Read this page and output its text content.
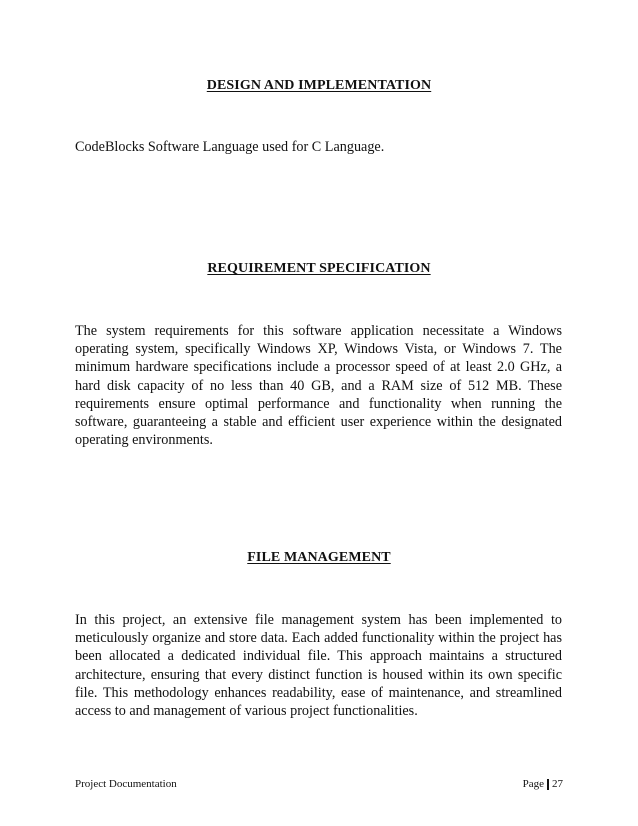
DESIGN AND IMPLEMENTATION
CodeBlocks Software Language used for C Language.
REQUIREMENT SPECIFICATION
The system requirements for this software application necessitate a Windows operating system, specifically Windows XP, Windows Vista, or Windows 7. The minimum hardware specifications include a processor speed of at least 2.0 GHz, a hard disk capacity of no less than 40 GB, and a RAM size of 512 MB. These requirements ensure optimal performance and functionality when running the software, guaranteeing a stable and efficient user experience within the designated operating environments.
FILE MANAGEMENT
In this project, an extensive file management system has been implemented to meticulously organize and store data. Each added functionality within the project has been allocated a dedicated individual file. This approach maintains a structured architecture, ensuring that every distinct function is housed within its own specific file. This methodology enhances readability, ease of maintenance, and streamlined access to and management of various project functionalities.
Project Documentation	Page 27
